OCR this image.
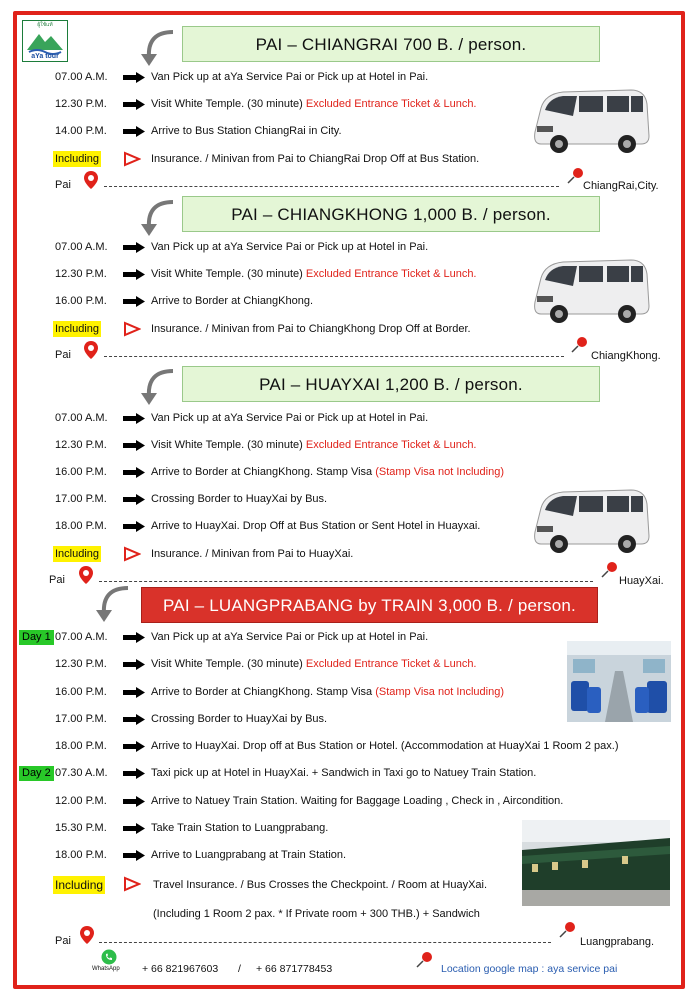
ผู้ใช้แท้
aYa tour
PAI – CHIANGRAI 700 B. / person.
07.00 A.M.	Van Pick up at aYa Service Pai or Pick up at Hotel in Pai.
12.30 P.M.	Visit White Temple. (30 minute) Excluded Entrance Ticket & Lunch.
14.00 P.M.	Arrive to Bus Station ChiangRai in City.
Including	Insurance. / Minivan from Pai to ChiangRai Drop Off at Bus Station.
Pai	ChiangRai,City.
PAI – CHIANGKHONG 1,000 B. / person.
07.00 A.M.	Van Pick up at aYa Service Pai or Pick up at Hotel in Pai.
12.30 P.M.	Visit White Temple. (30 minute) Excluded Entrance Ticket & Lunch.
16.00 P.M.	Arrive to Border at ChiangKhong.
Including	Insurance. / Minivan from Pai to ChiangKhong Drop Off at Border.
Pai	ChiangKhong.
PAI – HUAYXAI 1,200 B. / person.
07.00 A.M.	Van Pick up at aYa Service Pai or Pick up at Hotel in Pai.
12.30 P.M.	Visit White Temple. (30 minute) Excluded Entrance Ticket & Lunch.
16.00 P.M.	Arrive to Border at ChiangKhong. Stamp Visa (Stamp Visa not Including)
17.00 P.M.	Crossing Border to HuayXai by Bus.
18.00 P.M.	Arrive to HuayXai. Drop Off at Bus Station or Sent Hotel in Huayxai.
Including	Insurance. / Minivan from Pai to HuayXai.
Pai	HuayXai.
PAI – LUANGPRABANG by TRAIN 3,000 B. / person.
Day 1 07.00 A.M.	Van Pick up at aYa Service Pai or Pick up at Hotel in Pai.
12.30 P.M.	Visit White Temple. (30 minute) Excluded Entrance Ticket & Lunch.
16.00 P.M.	Arrive to Border at ChiangKhong. Stamp Visa (Stamp Visa not Including)
17.00 P.M.	Crossing Border to HuayXai by Bus.
18.00 P.M.	Arrive to HuayXai. Drop off at Bus Station or Hotel. (Accommodation at HuayXai 1 Room 2 pax.)
Day 2 07.30 A.M.	Taxi pick up at Hotel in HuayXai. + Sandwich in Taxi go to Natuey Train Station.
12.00 P.M.	Arrive to Natuey Train Station. Waiting for Baggage Loading , Check in , Aircondition.
15.30 P.M.	Take Train Station to Luangprabang.
18.00 P.M.	Arrive to Luangprabang at Train Station.
Including	Travel Insurance. / Bus Crosses the Checkpoint. / Room at HuayXai.
(Including 1 Room 2 pax. * If Private room + 300 THB.) + Sandwich
Pai	Luangprabang.
WhatsApp + 66 821967603 / + 66 871778453	Location google map : aya service pai
